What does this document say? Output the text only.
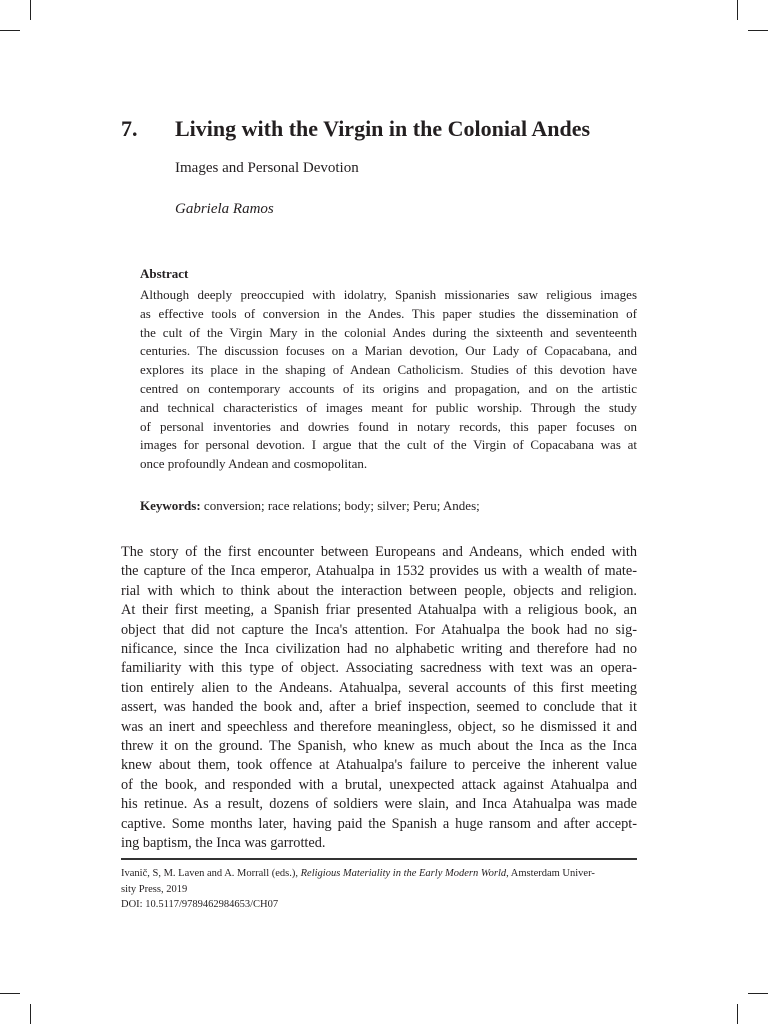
7. Living with the Virgin in the Colonial Andes
Images and Personal Devotion
Gabriela Ramos
Abstract
Although deeply preoccupied with idolatry, Spanish missionaries saw religious images
as effective tools of conversion in the Andes. This paper studies the dissemination of
the cult of the Virgin Mary in the colonial Andes during the sixteenth and seventeenth
centuries. The discussion focuses on a Marian devotion, Our Lady of Copacabana, and
explores its place in the shaping of Andean Catholicism. Studies of this devotion have
centred on contemporary accounts of its origins and propagation, and on the artistic
and technical characteristics of images meant for public worship. Through the study
of personal inventories and dowries found in notary records, this paper focuses on
images for personal devotion. I argue that the cult of the Virgin of Copacabana was at
once profoundly Andean and cosmopolitan.
Keywords: conversion; race relations; body; silver; Peru; Andes;
The story of the first encounter between Europeans and Andeans, which ended with
the capture of the Inca emperor, Atahualpa in 1532 provides us with a wealth of mate-
rial with which to think about the interaction between people, objects and religion.
At their first meeting, a Spanish friar presented Atahualpa with a religious book, an
object that did not capture the Inca's attention. For Atahualpa the book had no sig-
nificance, since the Inca civilization had no alphabetic writing and therefore had no
familiarity with this type of object. Associating sacredness with text was an opera-
tion entirely alien to the Andeans. Atahualpa, several accounts of this first meeting
assert, was handed the book and, after a brief inspection, seemed to conclude that it
was an inert and speechless and therefore meaningless, object, so he dismissed it and
threw it on the ground. The Spanish, who knew as much about the Inca as the Inca
knew about them, took offence at Atahualpa's failure to perceive the inherent value
of the book, and responded with a brutal, unexpected attack against Atahualpa and
his retinue. As a result, dozens of soldiers were slain, and Inca Atahualpa was made
captive. Some months later, having paid the Spanish a huge ransom and after accept-
ing baptism, the Inca was garrotted.
Ivanič, S, M. Laven and A. Morrall (eds.), Religious Materiality in the Early Modern World, Amsterdam Univer-
sity Press, 2019
DOI: 10.5117/9789462984653/CH07
